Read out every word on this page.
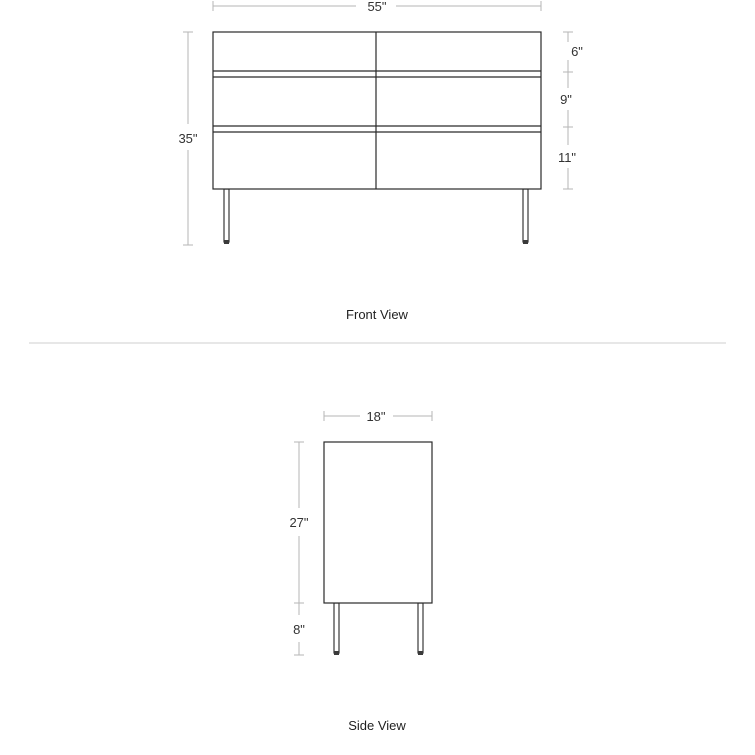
55"
35"
6"
9"
11"
Front View
18"
27"
8"
Side View
